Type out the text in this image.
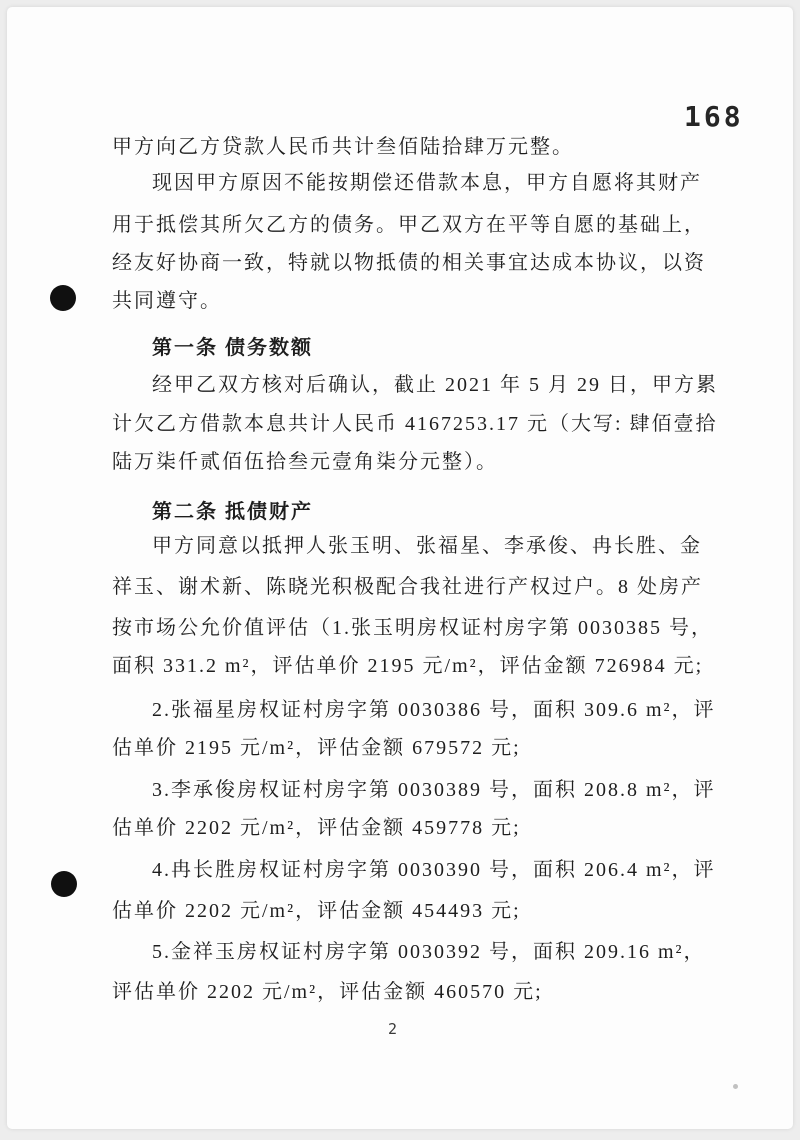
168
甲方向乙方贷款人民币共计叁佰陆拾肆万元整。
现因甲方原因不能按期偿还借款本息，甲方自愿将其财产
用于抵偿其所欠乙方的债务。甲乙双方在平等自愿的基础上，
经友好协商一致，特就以物抵债的相关事宜达成本协议，以资
共同遵守。
第一条 债务数额
经甲乙双方核对后确认，截止 2021 年 5 月 29 日，甲方累
计欠乙方借款本息共计人民币 4167253.17 元（大写: 肆佰壹拾
陆万柒仟贰佰伍拾叁元壹角柒分元整）。
第二条 抵债财产
甲方同意以抵押人张玉明、张福星、李承俊、冉长胜、金
祥玉、谢术新、陈晓光积极配合我社进行产权过户。8 处房产
按市场公允价值评估（1.张玉明房权证村房字第 0030385 号，
面积 331.2 m²，评估单价 2195 元/m²，评估金额 726984 元;
2.张福星房权证村房字第 0030386 号，面积 309.6 m²，评
估单价 2195 元/m²，评估金额 679572 元;
3.李承俊房权证村房字第 0030389 号，面积 208.8 m²，评
估单价 2202 元/m²，评估金额 459778 元;
4.冉长胜房权证村房字第 0030390 号，面积 206.4 m²，评
估单价 2202 元/m²，评估金额 454493 元;
5.金祥玉房权证村房字第 0030392 号，面积 209.16 m²，
评估单价 2202 元/m²，评估金额 460570 元;
2
